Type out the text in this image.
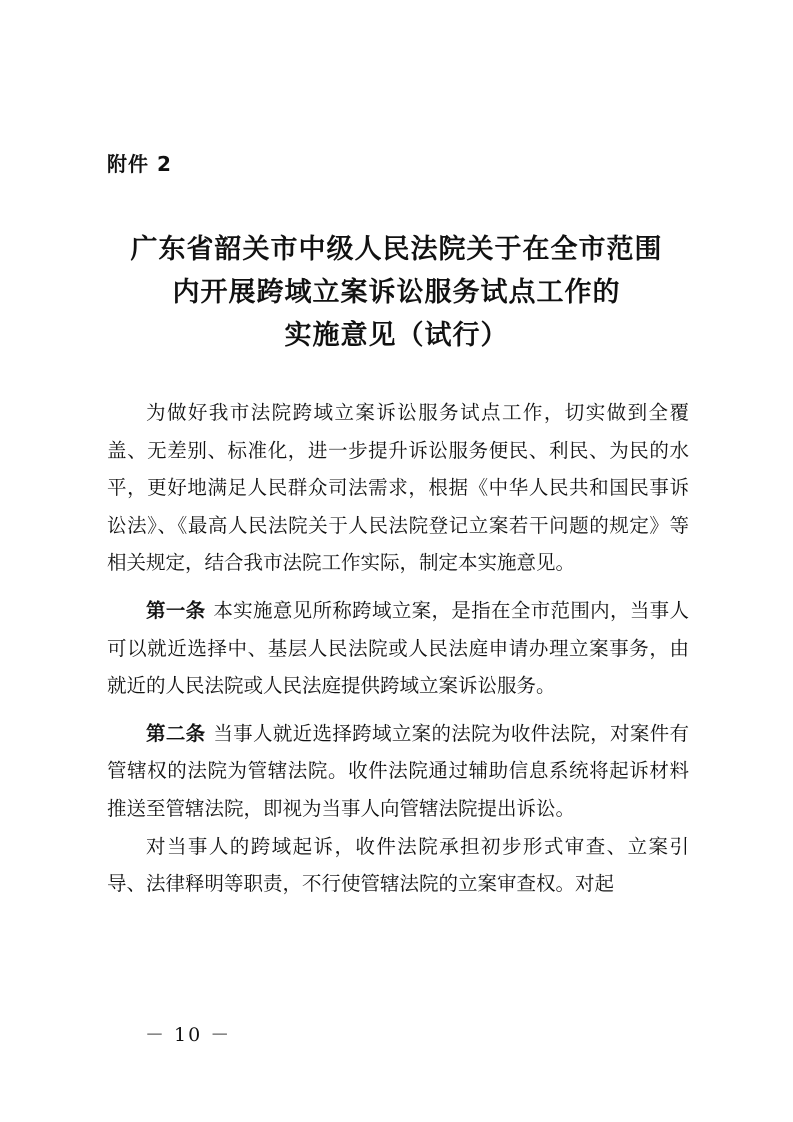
附件 2
广东省韶关市中级人民法院关于在全市范围
内开展跨域立案诉讼服务试点工作的
实施意见（试行）

为做好我市法院跨域立案诉讼服务试点工作，切实做到全覆盖、无差别、标准化，进一步提升诉讼服务便民、利民、为民的水平，更好地满足人民群众司法需求，根据《中华人民共和国民事诉讼法》、《最高人民法院关于人民法院登记立案若干问题的规定》等相关规定，结合我市法院工作实际，制定本实施意见。

第一条 本实施意见所称跨域立案，是指在全市范围内，当事人可以就近选择中、基层人民法院或人民法庭申请办理立案事务，由就近的人民法院或人民法庭提供跨域立案诉讼服务。

第二条 当事人就近选择跨域立案的法院为收件法院，对案件有管辖权的法院为管辖法院。收件法院通过辅助信息系统将起诉材料推送至管辖法院，即视为当事人向管辖法院提出诉讼。

对当事人的跨域起诉，收件法院承担初步形式审查、立案引导、法律释明等职责，不行使管辖法院的立案审查权。对起

－ 10 －
